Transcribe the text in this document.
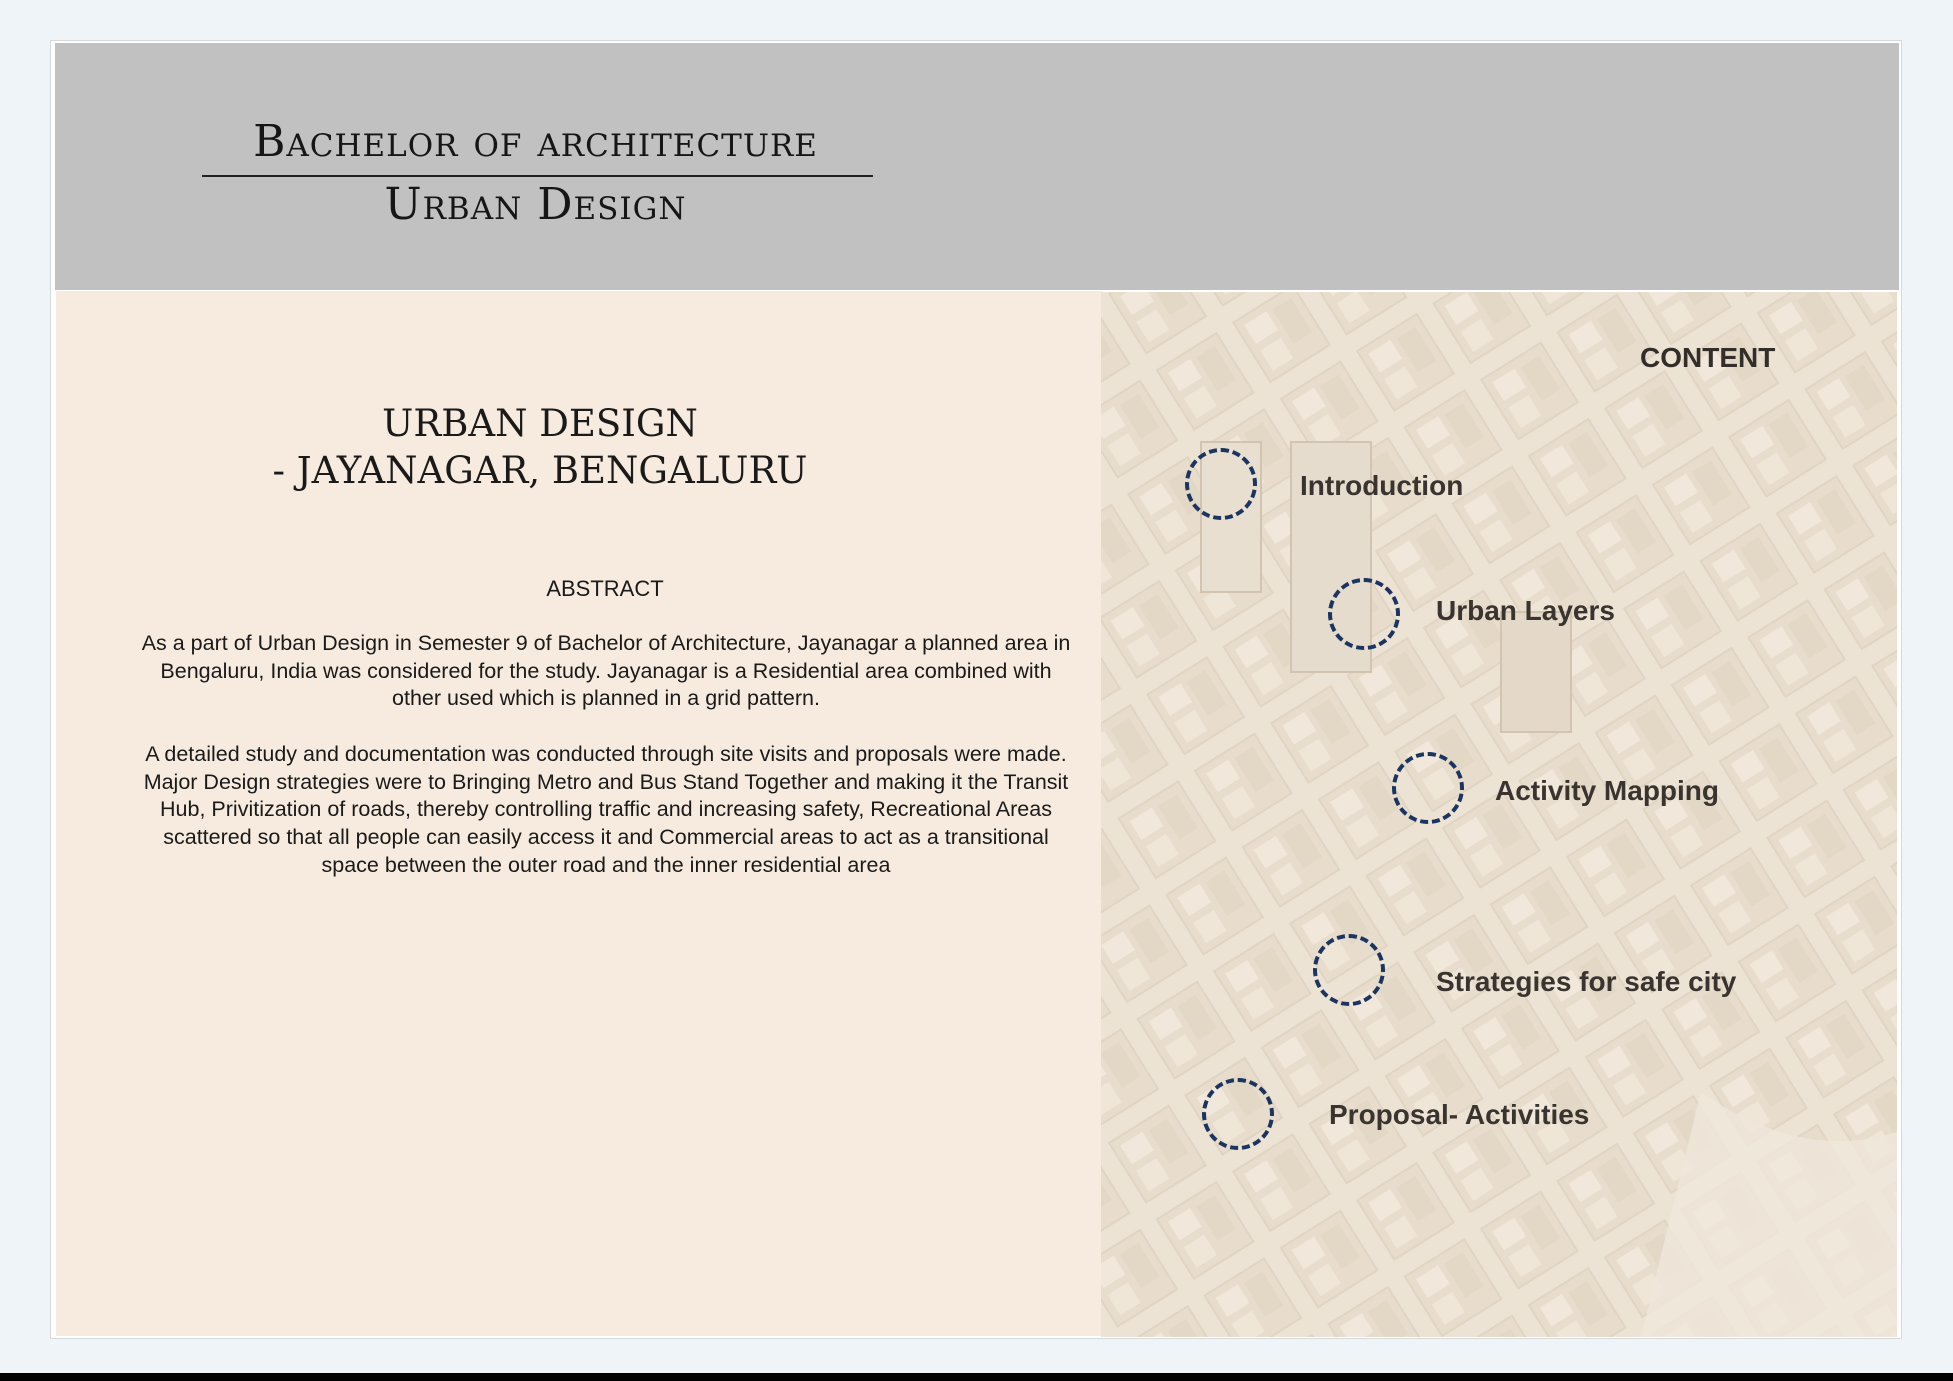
Bachelor of architecture
Urban Design
URBAN DESIGN
- JAYANAGAR, BENGALURU
ABSTRACT
As a part of Urban Design in Semester 9 of Bachelor of Architecture, Jayanagar a planned area in Bengaluru, India was considered for the study. Jayanagar is a Residential area combined with other used which is planned in a grid pattern.
A detailed study and documentation was conducted through site visits and proposals were made. Major Design strategies were to Bringing Metro and Bus Stand Together and making it the Transit Hub, Privitization of roads, thereby controlling traffic and increasing safety, Recreational Areas scattered so that all people can easily access it and Commercial areas to act as a transitional space between the outer road and the inner residential area
CONTENT
Introduction
Urban Layers
Activity Mapping
Strategies for safe city
Proposal- Activities
